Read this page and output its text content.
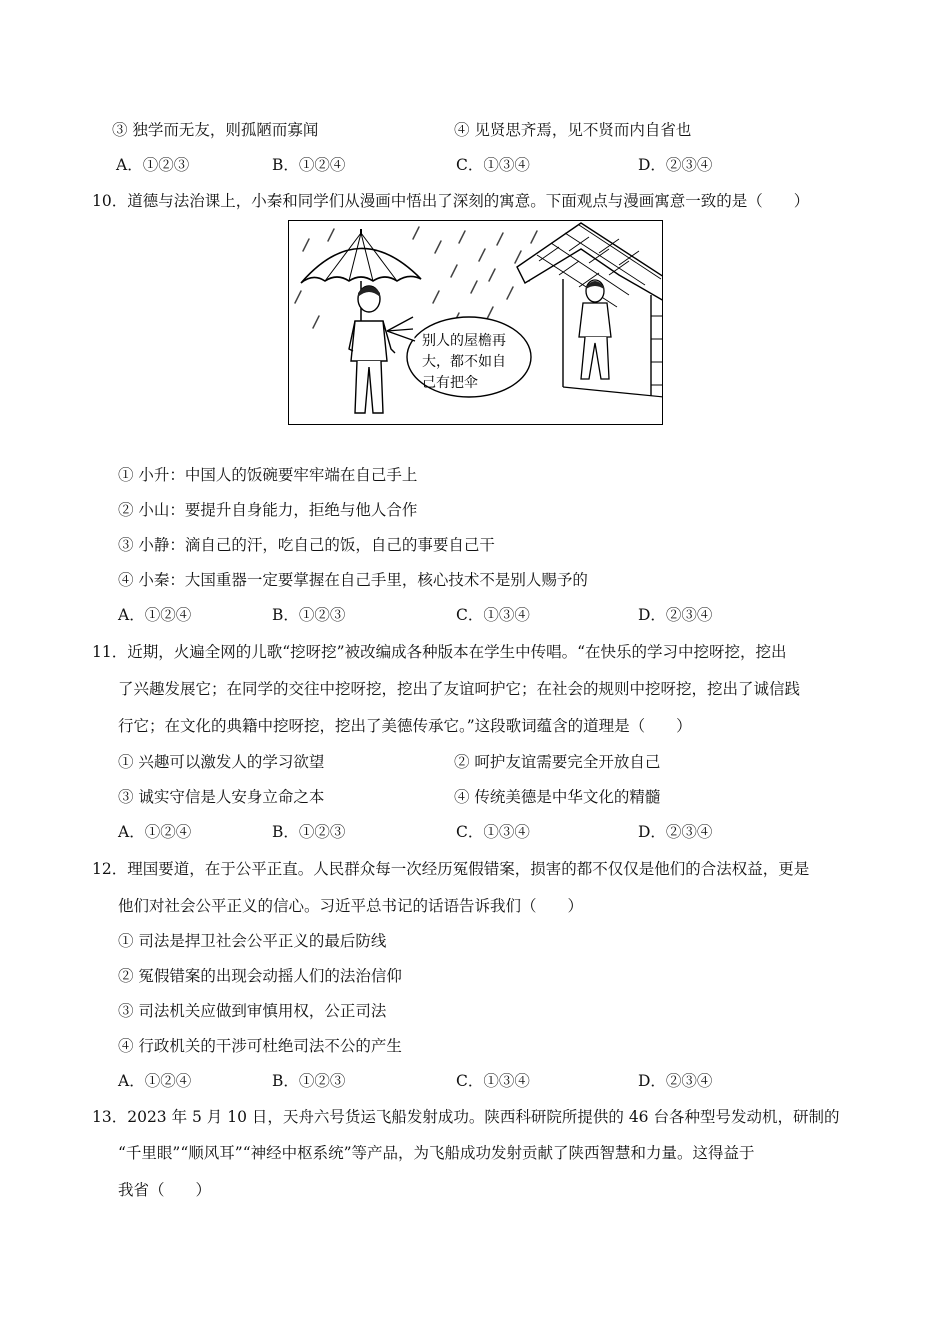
③ 独学而无友，则孤陋而寡闻	④ 见贤思齐焉，见不贤而内自省也
A．①②③	B．①②④	C．①③④	D．②③④
10．道德与法治课上，小秦和同学们从漫画中悟出了深刻的寓意。下面观点与漫画寓意一致的是（　　）
别人的屋檐再
大，都不如自
己有把伞
① 小升：中国人的饭碗要牢牢端在自己手上
② 小山：要提升自身能力，拒绝与他人合作
③ 小静：滴自己的汗，吃自己的饭，自己的事要自己干
④ 小秦：大国重器一定要掌握在自己手里，核心技术不是别人赐予的
A．①②④	B．①②③	C．①③④	D．②③④
11．近期，火遍全网的儿歌“挖呀挖”被改编成各种版本在学生中传唱。“在快乐的学习中挖呀挖，挖出
了兴趣发展它；在同学的交往中挖呀挖，挖出了友谊呵护它；在社会的规则中挖呀挖，挖出了诚信践
行它；在文化的典籍中挖呀挖，挖出了美德传承它。”这段歌词蕴含的道理是（　　）
① 兴趣可以激发人的学习欲望	② 呵护友谊需要完全开放自己
③ 诚实守信是人安身立命之本	④ 传统美德是中华文化的精髓
A．①②④	B．①②③	C．①③④	D．②③④
12．理国要道，在于公平正直。人民群众每一次经历冤假错案，损害的都不仅仅是他们的合法权益，更是
他们对社会公平正义的信心。习近平总书记的话语告诉我们（　　）
① 司法是捍卫社会公平正义的最后防线
② 冤假错案的出现会动摇人们的法治信仰
③ 司法机关应做到审慎用权，公正司法
④ 行政机关的干涉可杜绝司法不公的产生
A．①②④	B．①②③	C．①③④	D．②③④
13．2023 年 5 月 10 日，天舟六号货运飞船发射成功。陕西科研院所提供的 46 台各种型号发动机，研制的
“千里眼”“顺风耳”“神经中枢系统”等产品，为飞船成功发射贡献了陕西智慧和力量。这得益于
我省（　　）
